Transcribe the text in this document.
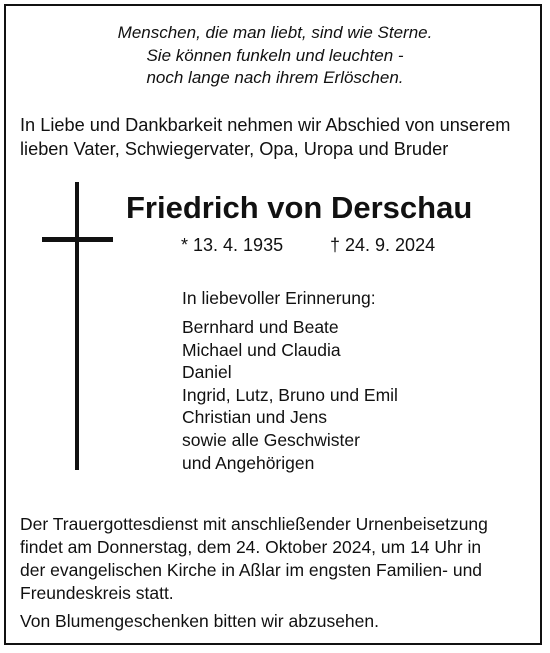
Menschen, die man liebt, sind wie Sterne.
Sie können funkeln und leuchten -
noch lange nach ihrem Erlöschen.
In Liebe und Dankbarkeit nehmen wir Abschied von unserem
lieben Vater, Schwiegervater, Opa, Uropa und Bruder
Friedrich von Derschau
* 13. 4. 1935	† 24. 9. 2024
In liebevoller Erinnerung:
Bernhard und Beate
Michael und Claudia
Daniel
Ingrid, Lutz, Bruno und Emil
Christian und Jens
sowie alle Geschwister
und Angehörigen
Der Trauergottesdienst mit anschließender Urnenbeisetzung
findet am Donnerstag, dem 24. Oktober 2024, um 14 Uhr in
der evangelischen Kirche in Aßlar im engsten Familien- und
Freundeskreis statt.
Von Blumengeschenken bitten wir abzusehen.
